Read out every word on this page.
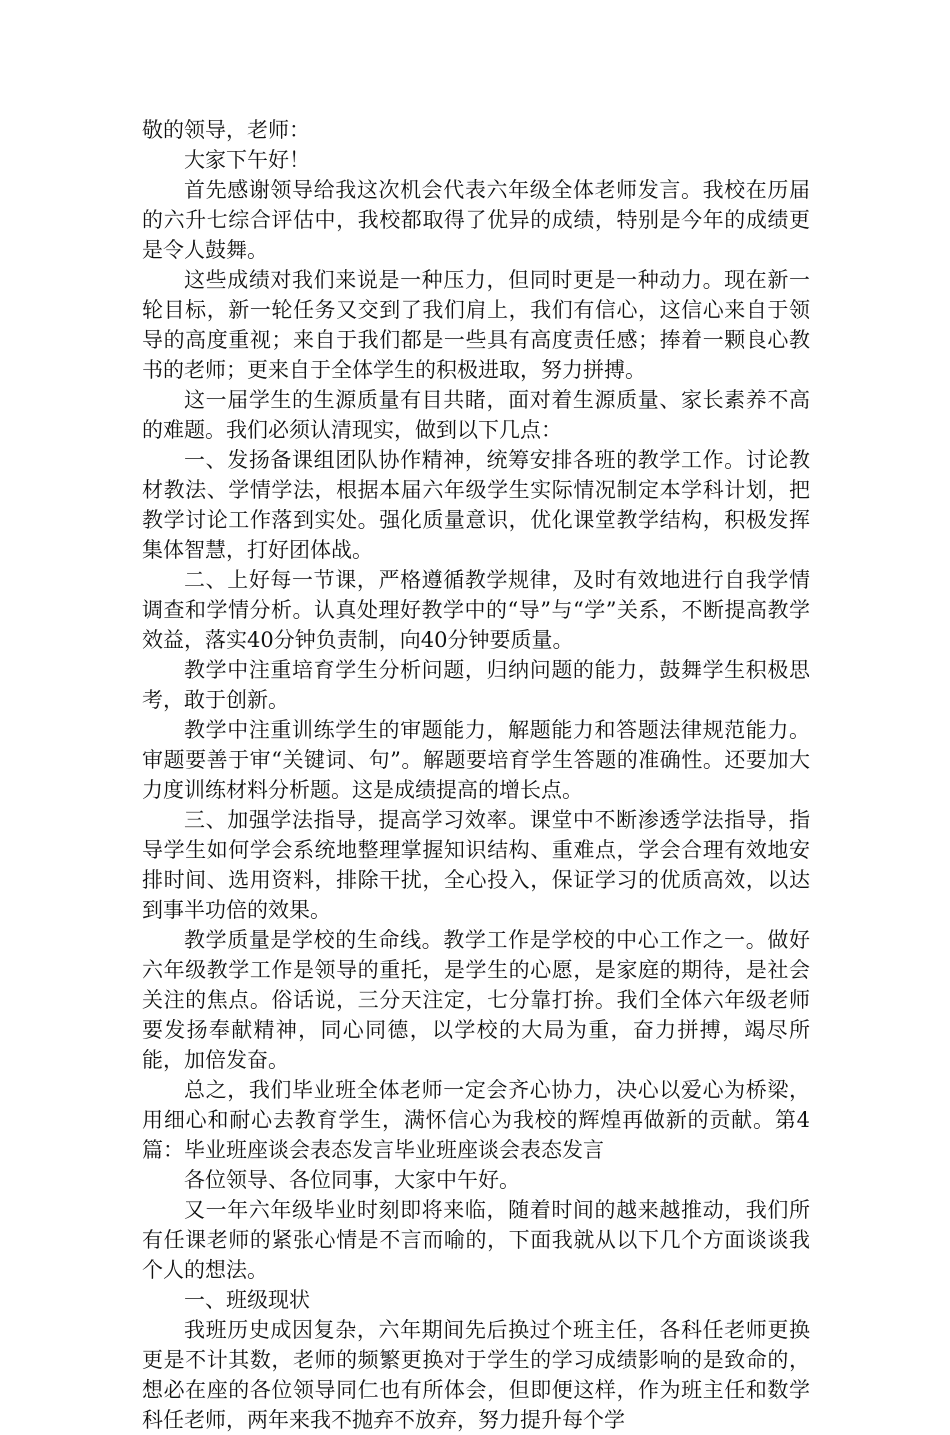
敬的领导，老师：

大家下午好！

首先感谢领导给我这次机会代表六年级全体老师发言。我校在历届的六升七综合评估中，我校都取得了优异的成绩，特别是今年的成绩更是令人鼓舞。

这些成绩对我们来说是一种压力，但同时更是一种动力。现在新一轮目标，新一轮任务又交到了我们肩上，我们有信心，这信心来自于领导的高度重视；来自于我们都是一些具有高度责任感；捧着一颗良心教书的老师；更来自于全体学生的积极进取，努力拼搏。

这一届学生的生源质量有目共睹，面对着生源质量、家长素养不高的难题。我们必须认清现实，做到以下几点：

一、发扬备课组团队协作精神，统筹安排各班的教学工作。讨论教材教法、学情学法，根据本届六年级学生实际情况制定本学科计划，把教学讨论工作落到实处。强化质量意识，优化课堂教学结构，积极发挥集体智慧，打好团体战。

二、上好每一节课，严格遵循教学规律，及时有效地进行自我学情调查和学情分析。认真处理好教学中的“导”与“学”关系，不断提高教学效益，落实40分钟负责制，向40分钟要质量。

教学中注重培育学生分析问题，归纳问题的能力，鼓舞学生积极思考，敢于创新。

教学中注重训练学生的审题能力，解题能力和答题法律规范能力。审题要善于审“关键词、句”。解题要培育学生答题的准确性。还要加大力度训练材料分析题。这是成绩提高的增长点。

三、加强学法指导，提高学习效率。课堂中不断渗透学法指导，指导学生如何学会系统地整理掌握知识结构、重难点，学会合理有效地安排时间、选用资料，排除干扰，全心投入，保证学习的优质高效，以达到事半功倍的效果。

教学质量是学校的生命线。教学工作是学校的中心工作之一。做好六年级教学工作是领导的重托，是学生的心愿，是家庭的期待，是社会关注的焦点。俗话说，三分天注定，七分靠打拚。我们全体六年级老师要发扬奉献精神，同心同德，以学校的大局为重，奋力拼搏，竭尽所能，加倍发奋。

总之，我们毕业班全体老师一定会齐心协力，决心以爱心为桥梁，用细心和耐心去教育学生，满怀信心为我校的辉煌再做新的贡献。第4篇：毕业班座谈会表态发言毕业班座谈会表态发言

各位领导、各位同事，大家中午好。

又一年六年级毕业时刻即将来临，随着时间的越来越推动，我们所有任课老师的紧张心情是不言而喻的，下面我就从以下几个方面谈谈我个人的想法。

一、班级现状

我班历史成因复杂，六年期间先后换过个班主任，各科任老师更换更是不计其数，老师的频繁更换对于学生的学习成绩影响的是致命的，想必在座的各位领导同仁也有所体会，但即便这样，作为班主任和数学科任老师，两年来我不抛弃不放弃，努力提升每个学
